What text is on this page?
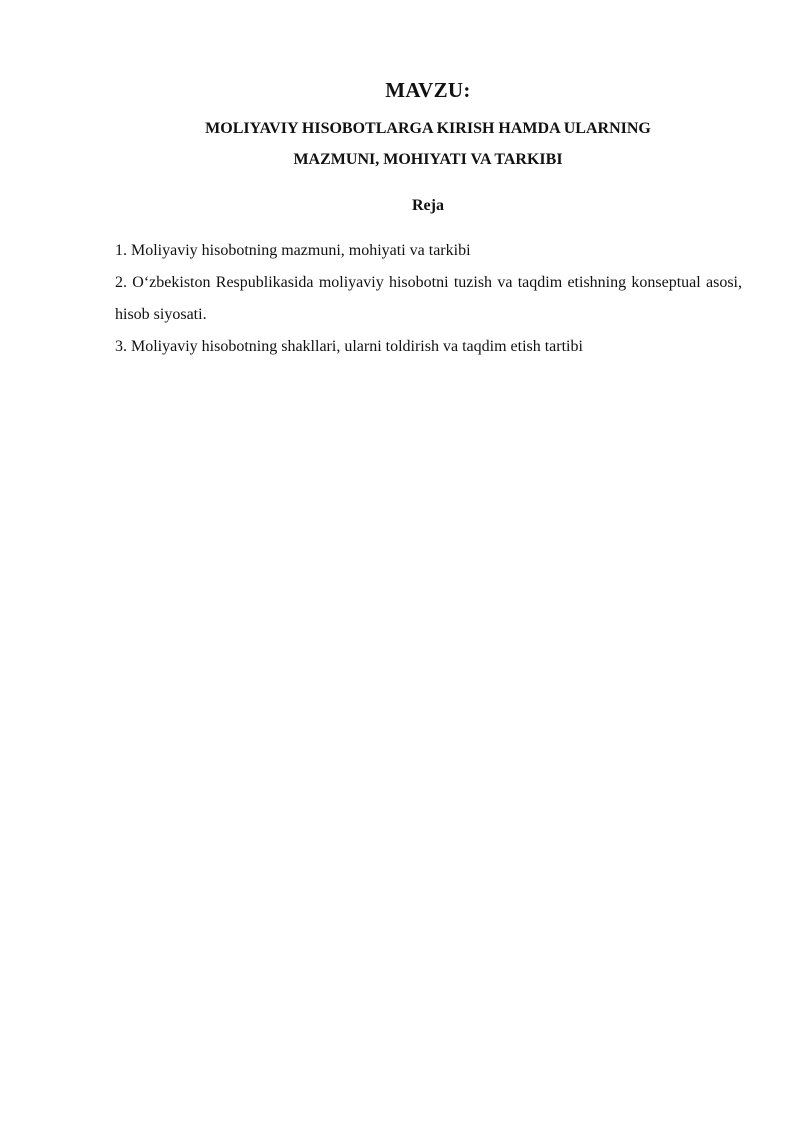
MAVZU:
MOLIYAVIY HISOBOTLARGA KIRISH HAMDA ULARNING
MAZMUNI, MOHIYATI VA TARKIBI
Reja

1. Moliyaviy hisobotning mazmuni, mohiyati va tarkibi

2. O‘zbekiston Respublikasida moliyaviy hisobotni tuzish va taqdim etishning konseptual asosi, hisob siyosati.

3. Moliyaviy hisobotning shakllari, ularni toldirish va taqdim etish tartibi
